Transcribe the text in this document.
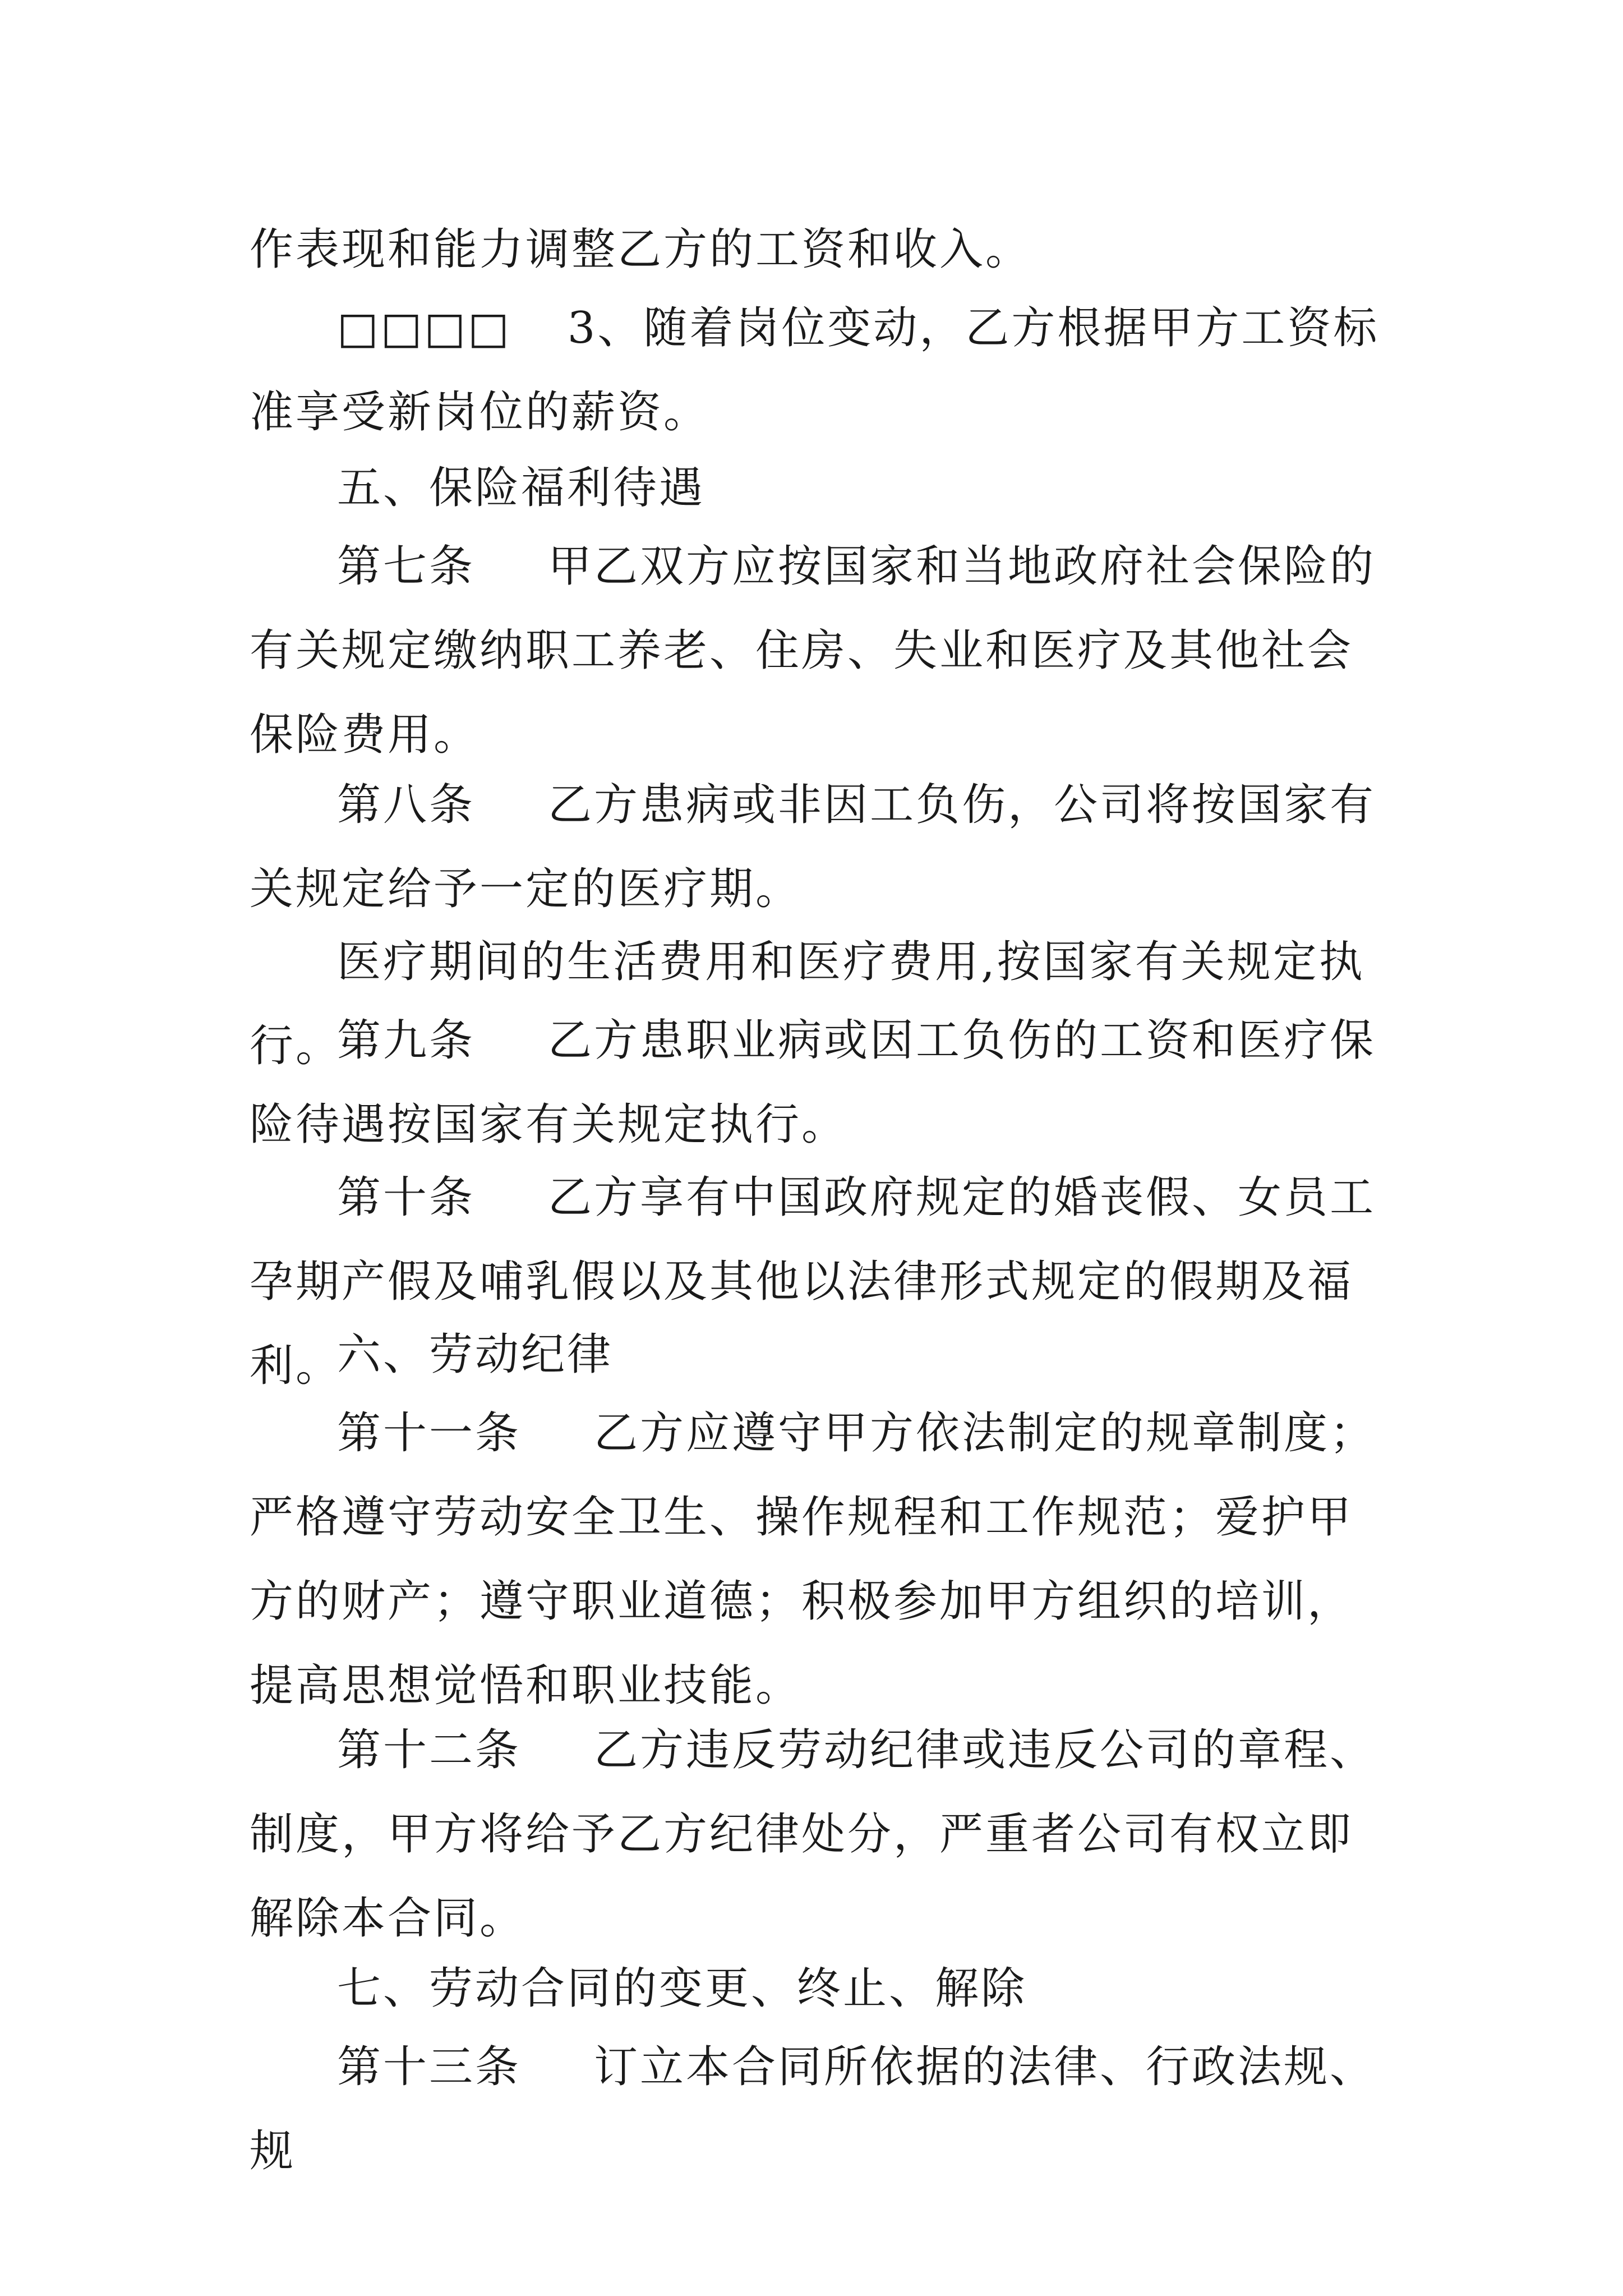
作表现和能力调整乙方的工资和收入。

□□□□ 3、随着岗位变动，乙方根据甲方工资标准享受新岗位的薪资。

五、保险福利待遇

第七条 甲乙双方应按国家和当地政府社会保险的有关规定缴纳职工养老、住房、失业和医疗及其他社会保险费用。

第八条 乙方患病或非因工负伤，公司将按国家有关规定给予一定的医疗期。

医疗期间的生活费用和医疗费用,按国家有关规定执行。

第九条 乙方患职业病或因工负伤的工资和医疗保险待遇按国家有关规定执行。

第十条 乙方享有中国政府规定的婚丧假、女员工孕期产假及哺乳假以及其他以法律形式规定的假期及福利。

六、劳动纪律

第十一条 乙方应遵守甲方依法制定的规章制度；严格遵守劳动安全卫生、操作规程和工作规范；爱护甲方的财产；遵守职业道德；积极参加甲方组织的培训，提高思想觉悟和职业技能。

第十二条 乙方违反劳动纪律或违反公司的章程、制度，甲方将给予乙方纪律处分，严重者公司有权立即解除本合同。

七、劳动合同的变更、终止、解除

第十三条 订立本合同所依据的法律、行政法规、规
